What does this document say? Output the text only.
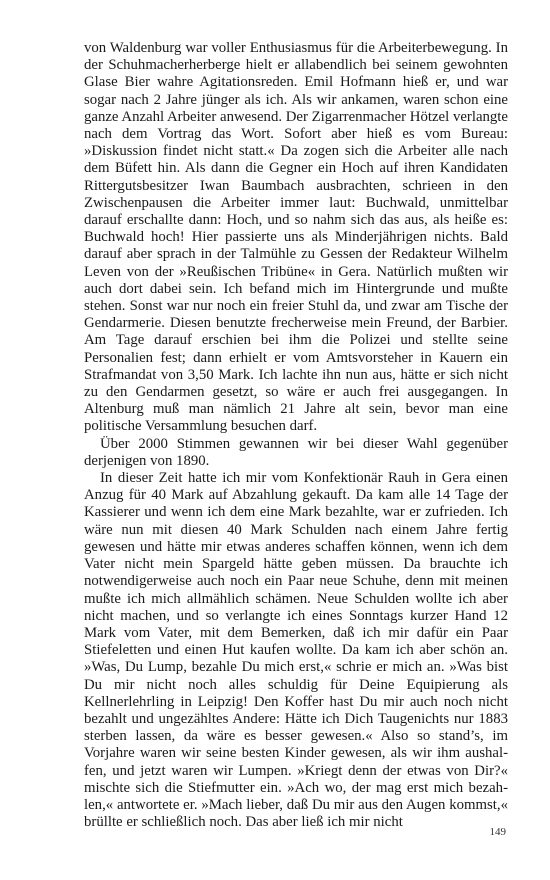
von Waldenburg war voller Enthusiasmus für die Arbeiterbewegung. In der Schuhmacherherberge hielt er allabendlich bei seinem gewohnten Glase Bier wahre Agitationsreden. Emil Hofmann hieß er, und war sogar nach 2 Jahre jünger als ich. Als wir ankamen, waren schon eine ganze Anzahl Arbeiter anwesend. Der Zigarrenmacher Hötzel verlangte nach dem Vortrag das Wort. Sofort aber hieß es vom Bureau: »Diskussion findet nicht statt.« Da zogen sich die Arbeiter alle nach dem Büfett hin. Als dann die Gegner ein Hoch auf ihren Kandidaten Rittergutsbesitzer Iwan Baumbach ausbrachten, schrieen in den Zwischenpausen die Arbeiter immer laut: Buchwald, unmittelbar darauf erschallte dann: Hoch, und so nahm sich das aus, als heiße es: Buchwald hoch! Hier passierte uns als Minderjährigen nichts. Bald darauf aber sprach in der Talmühle zu Gessen der Redakteur Wilhelm Leven von der »Reußischen Tribüne« in Gera. Natürlich mußten wir auch dort dabei sein. Ich befand mich im Hintergrunde und mußte stehen. Sonst war nur noch ein freier Stuhl da, und zwar am Tische der Gendarmerie. Diesen benutzte frecherweise mein Freund, der Barbier. Am Tage darauf erschien bei ihm die Polizei und stellte seine Personalien fest; dann erhielt er vom Amtsvorsteher in Kauern ein Strafmandat von 3,50 Mark. Ich lachte ihn nun aus, hätte er sich nicht zu den Gendarmen gesetzt, so wäre er auch frei ausgegangen. In Altenburg muß man nämlich 21 Jahre alt sein, bevor man eine politische Versammlung besuchen darf.

Über 2000 Stimmen gewannen wir bei dieser Wahl gegenüber derjenigen von 1890.

In dieser Zeit hatte ich mir vom Konfektionär Rauh in Gera einen Anzug für 40 Mark auf Abzahlung gekauft. Da kam alle 14 Tage der Kassierer und wenn ich dem eine Mark bezahlte, war er zufrieden. Ich wäre nun mit diesen 40 Mark Schulden nach einem Jahre fertig gewesen und hätte mir etwas anderes schaffen können, wenn ich dem Vater nicht mein Spargeld hätte geben müssen. Da brauchte ich notwendigerweise auch noch ein Paar neue Schuhe, denn mit meinen mußte ich mich allmählich schämen. Neue Schulden wollte ich aber nicht machen, und so verlangte ich eines Sonntags kurzer Hand 12 Mark vom Vater, mit dem Bemerken, daß ich mir dafür ein Paar Stiefeletten und einen Hut kaufen wollte. Da kam ich aber schön an. »Was, Du Lump, bezahle Du mich erst,« schrie er mich an. »Was bist Du mir nicht noch alles schuldig für Deine Equipierung als Kellnerlehrling in Leipzig! Den Koffer hast Du mir auch noch nicht bezahlt und ungezähltes Andere: Hätte ich Dich Taugenichts nur 1883 sterben lassen, da wäre es besser gewesen.« Also so stand’s, im Vorjahre waren wir seine besten Kinder gewesen, als wir ihm aushalfen, und jetzt waren wir Lumpen. »Kriegt denn der etwas von Dir?« mischte sich die Stiefmutter ein. »Ach wo, der mag erst mich bezahlen,« antwortete er. »Mach lieber, daß Du mir aus den Augen kommst,« brüllte er schließlich noch. Das aber ließ ich mir nicht

149
